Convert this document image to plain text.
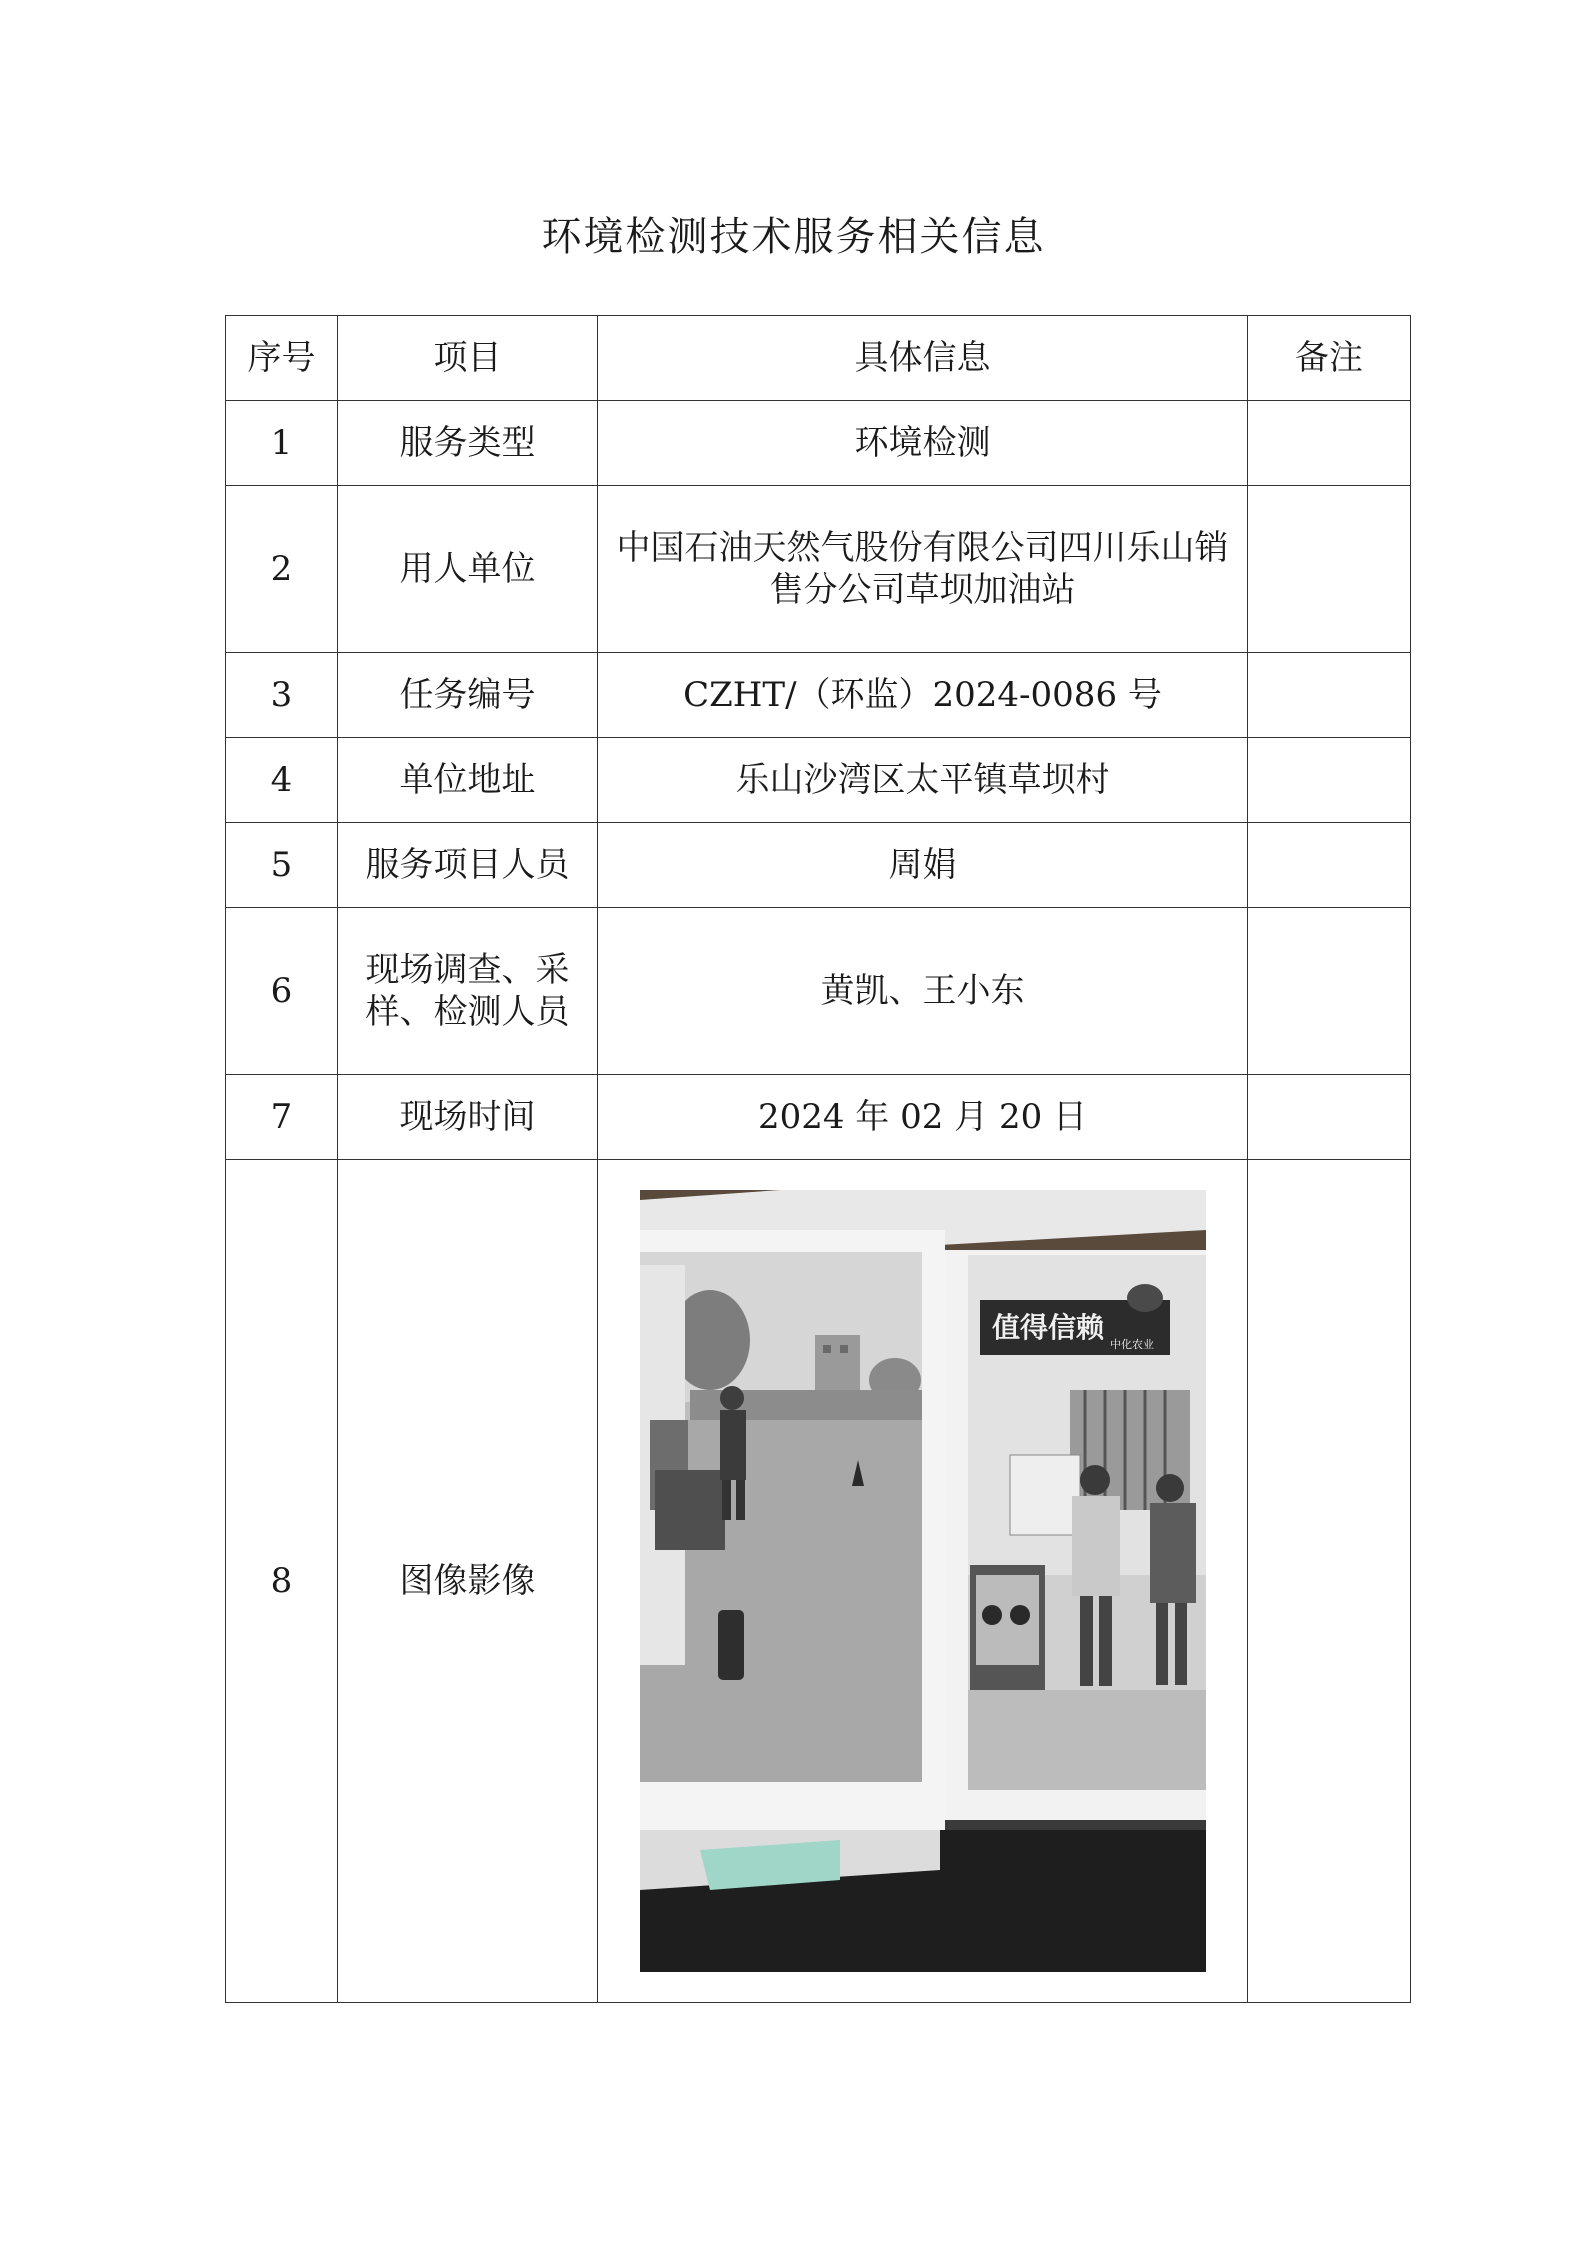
环境检测技术服务相关信息
序号	项目	具体信息	备注
1	服务类型	环境检测	
2	用人单位	中国石油天然气股份有限公司四川乐山销售分公司草坝加油站	
3	任务编号	CZHT/（环监）2024-0086 号	
4	单位地址	乐山沙湾区太平镇草坝村	
5	服务项目人员	周娟	
6	现场调查、采样、检测人员	黄凯、王小东	
7	现场时间	2024 年 02 月 20 日	
8	图像影像	值得信赖
中化农业	
